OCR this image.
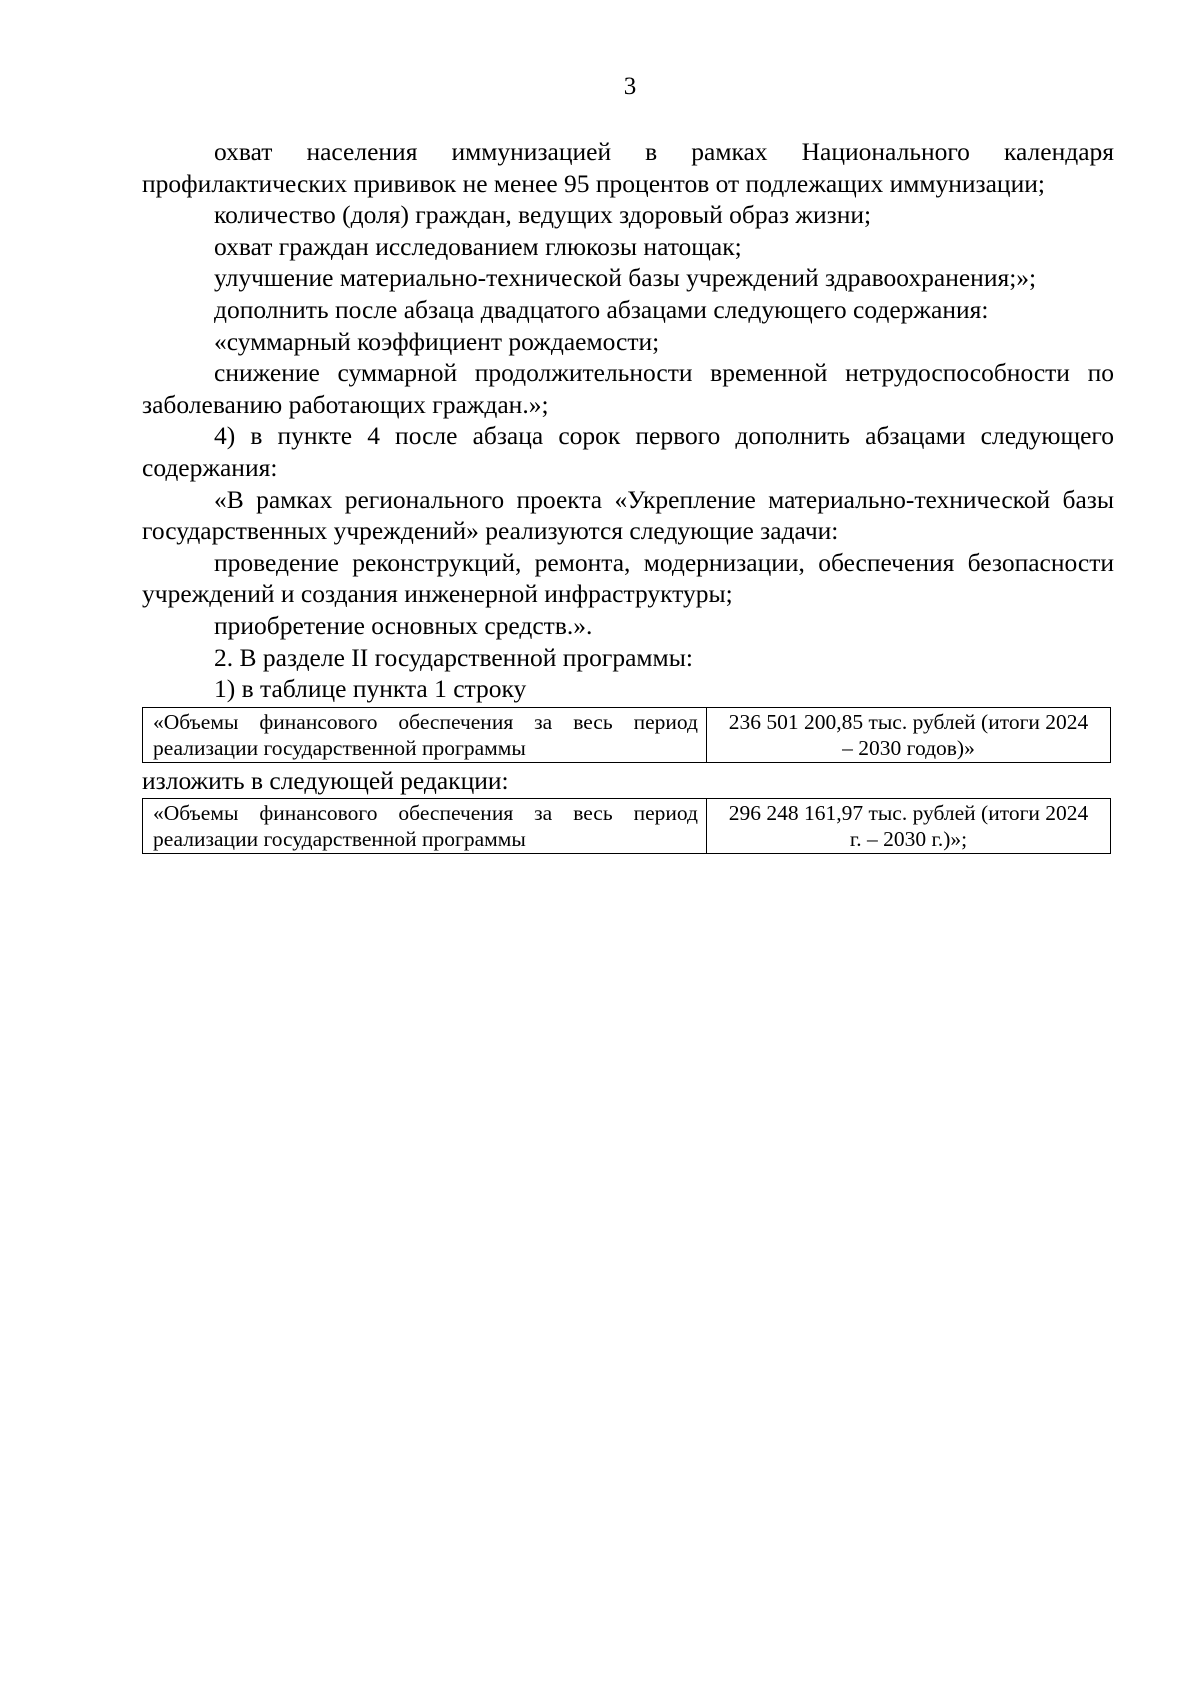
3

охват населения иммунизацией в рамках Национального календаря профилактических прививок не менее 95 процентов от подлежащих иммунизации;

количество (доля) граждан, ведущих здоровый образ жизни;

охват граждан исследованием глюкозы натощак;

улучшение материально-технической базы учреждений здравоохранения;»;

дополнить после абзаца двадцатого абзацами следующего содержания:

«суммарный коэффициент рождаемости;

снижение суммарной продолжительности временной нетрудоспособности по заболеванию работающих граждан.»;

4) в пункте 4 после абзаца сорок первого дополнить абзацами следующего содержания:

«В рамках регионального проекта «Укрепление материально-технической базы государственных учреждений» реализуются следующие задачи:

проведение реконструкций, ремонта, модернизации, обеспечения безопасности учреждений и создания инженерной инфраструктуры;

приобретение основных средств.».

2. В разделе II государственной программы:

1) в таблице пункта 1 строку

«Объемы финансового обеспечения за весь период реализации государственной программы	236 501 200,85 тыс. рублей (итоги 2024 – 2030 годов)»

изложить в следующей редакции:

«Объемы финансового обеспечения за весь период реализации государственной программы	296 248 161,97 тыс. рублей (итоги 2024 г. – 2030 г.)»;
